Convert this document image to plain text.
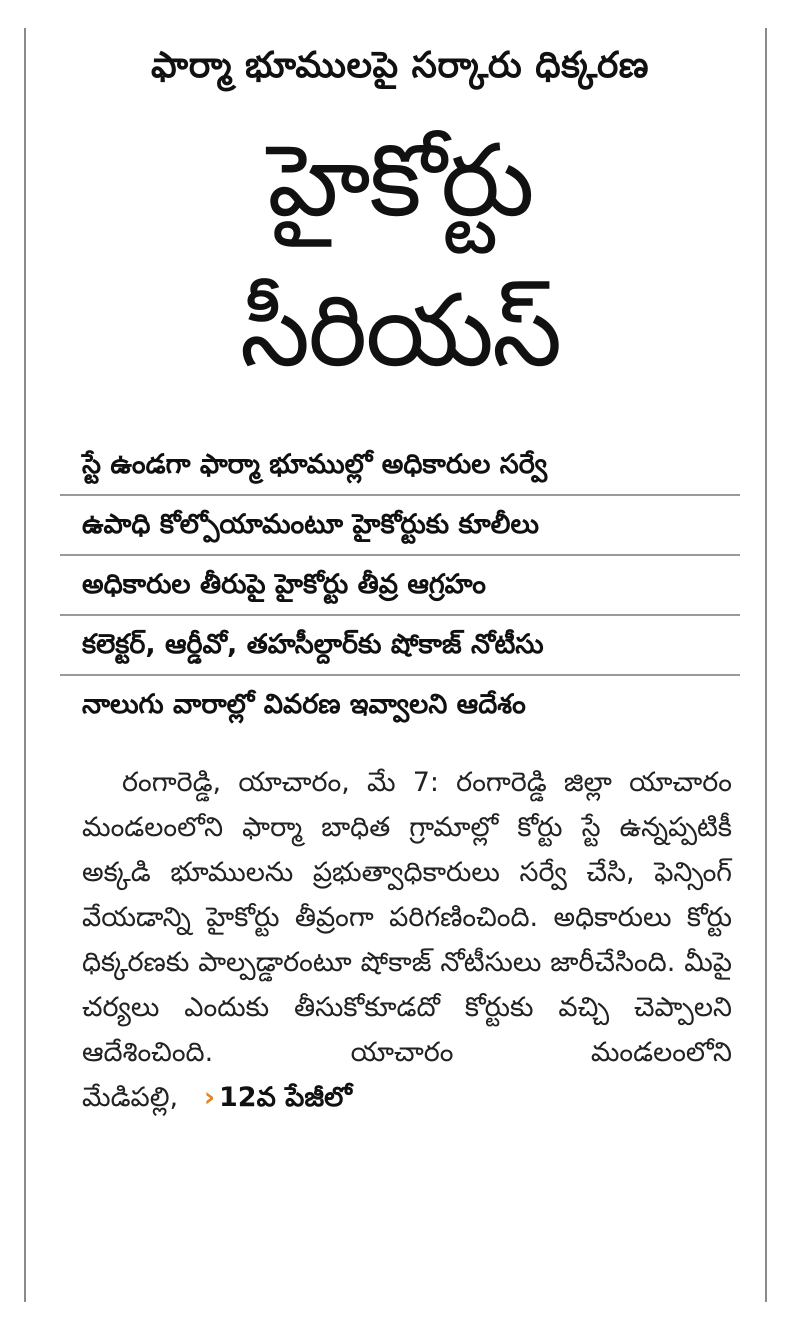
ఫార్మా భూములపై సర్కారు ధిక్కరణ
హైకోర్టు
సీరియస్‌
స్టే ఉండగా ఫార్మా భూముల్లో అధికారుల సర్వే
ఉపాధి కోల్పోయామంటూ హైకోర్టుకు కూలీలు
అధికారుల తీరుపై హైకోర్టు తీవ్ర ఆగ్రహం
కలెక్టర్‌, ఆర్డీవో, తహసీల్దార్‌కు షోకాజ్‌ నోటీసు
నాలుగు వారాల్లో వివరణ ఇవ్వాలని ఆదేశం

రంగారెడ్డి, యాచారం, మే 7: రంగారెడ్డి జిల్లా యాచారం మండలంలోని ఫార్మా బాధిత గ్రామాల్లో కోర్టు స్టే ఉన్నప్పటికీ అక్కడి భూములను ప్రభుత్వాధికారులు సర్వే చేసి, ఫెన్సింగ్‌ వేయడాన్ని హైకోర్టు తీవ్రంగా పరిగణించింది. అధికారులు కోర్టు ధిక్కరణకు పాల్పడ్డారంటూ షోకాజ్‌ నోటీసులు జారీచేసింది. మీపై చర్యలు ఎందుకు తీసుకోకూడదో కోర్టుకు వచ్చి చెప్పాలని ఆదేశించింది. యాచారం మండలంలోని మేడిపల్లి, › 12వ పేజీలో
